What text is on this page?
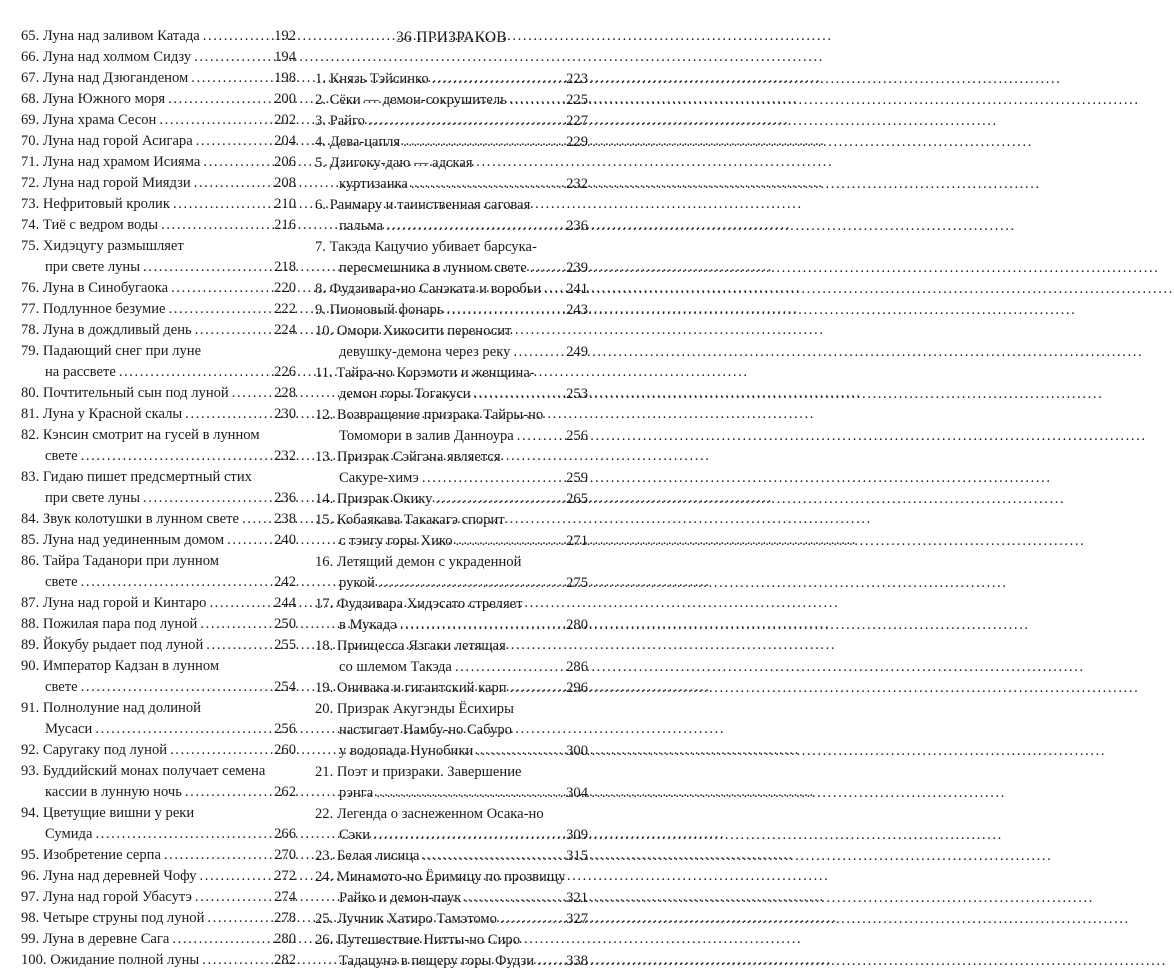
65. Луна над заливом Катада .....	192
66. Луна над холмом Сидзу .....	194
67. Луна над Дзюганденом .....	198
68. Луна Южного моря .....	200
69. Луна храма Сесон .....	202
70. Луна над горой Асигара .....	204
71. Луна над храмом Исияма .....	206
72. Луна над горой Миядзи .....	208
73. Нефритовый кролик .....	210
74. Тиё с ведром воды .....	216
75. Хидэцугу размышляет
при свете луны .....	218
76. Луна в Синобугаока .....	220
77. Подлунное безумие .....	222
78. Луна в дождливый день .....	224
79. Падающий снег при луне
на рассвете .....	226
80. Почтительный сын под луной .....	228
81. Луна у Красной скалы .....	230
82. Кэнсин смотрит на гусей в лунном
свете .....	232
83. Гидаю пишет предсмертный стих
при свете луны .....	236
84. Звук колотушки в лунном свете ..... 238
85. Луна над уединенным домом .....	240
86. Тайра Таданори при лунном
свете .....	242
87. Луна над горой и Кинтаро .....	244
88. Пожилая пара под луной .....	250
89. Йокубу рыдает под луной .....	255
90. Император Кадзан в лунном
свете .....	254
91. Полнолуние над долиной
Мусаси .....	256
92. Саругаку под луной .....	260
93. Буддийский монах получает семена
кассии в лунную ночь .....	262
94. Цветущие вишни у реки
Сумида .....	266
95. Изобретение серпа .....	270
96. Луна над деревней Чофу .....	272
97. Луна над горой Убасутэ .....	274
98. Четыре струны под луной .....	278
99. Луна в деревне Сага .....	280
100. Ожидание полной луны .....	282
36 ПРИЗРАКОВ
1. Князь Тэйсинко .....	223
2. Сёки — демон-сокрушитель .....	225
3. Райго .....	227
4. Дева-цапля .....	229
5. Дзигоку-даю — адская
куртизанка .....	232
6. Ранмару и таинственная саговая
пальма .....	236
7. Такэда Кацучио убивает барсука-
пересмешника в лунном свете .....	239
8. Фудзивара-но Санэката и воробьи ..... 241
9. Пионовый фонарь .....	243
10. Омори Хикосити переносит
девушку-демона через реку .....	249
11. Тайра-но Корэмоти и женщина-
демон горы Тогакуси .....	253
12. Возвращение призрака Тайры-но
Томомори в залив Данноура .....	256
13. Призрак Сэйгэна является
Сакуре-химэ .....	259
14. Призрак Окику .....	265
15. Кобаякава Такакагэ спорит
с тэнгу горы Хико .....	271
16. Летящий демон с украденной
рукой .....	275
17. Фудзивара Хидэсато стреляет
в Мукадэ .....	280
18. Принцесса Язгаки летящая
со шлемом Такэда .....	286
19. Онивака и гигантский карп .....	296
20. Призрак Акугэнды Ёсихиры
настигает Намбу-но Сабуро
у водопада Нунобики .....	300
21. Поэт и призраки. Завершение
рэнга .....	304
22. Легенда о заснеженном Осака-но
Сэки .....	309
23. Белая лисица .....	315
24. Минамото-но Ёримицу по прозвищу
Райко и демон-паук .....	321
25. Лучник Хатиро Тамэтомо .....	327
26. Путешествие Нитты-но Сиро
Тадацунэ в пещеру горы Фудзи ..... 338
